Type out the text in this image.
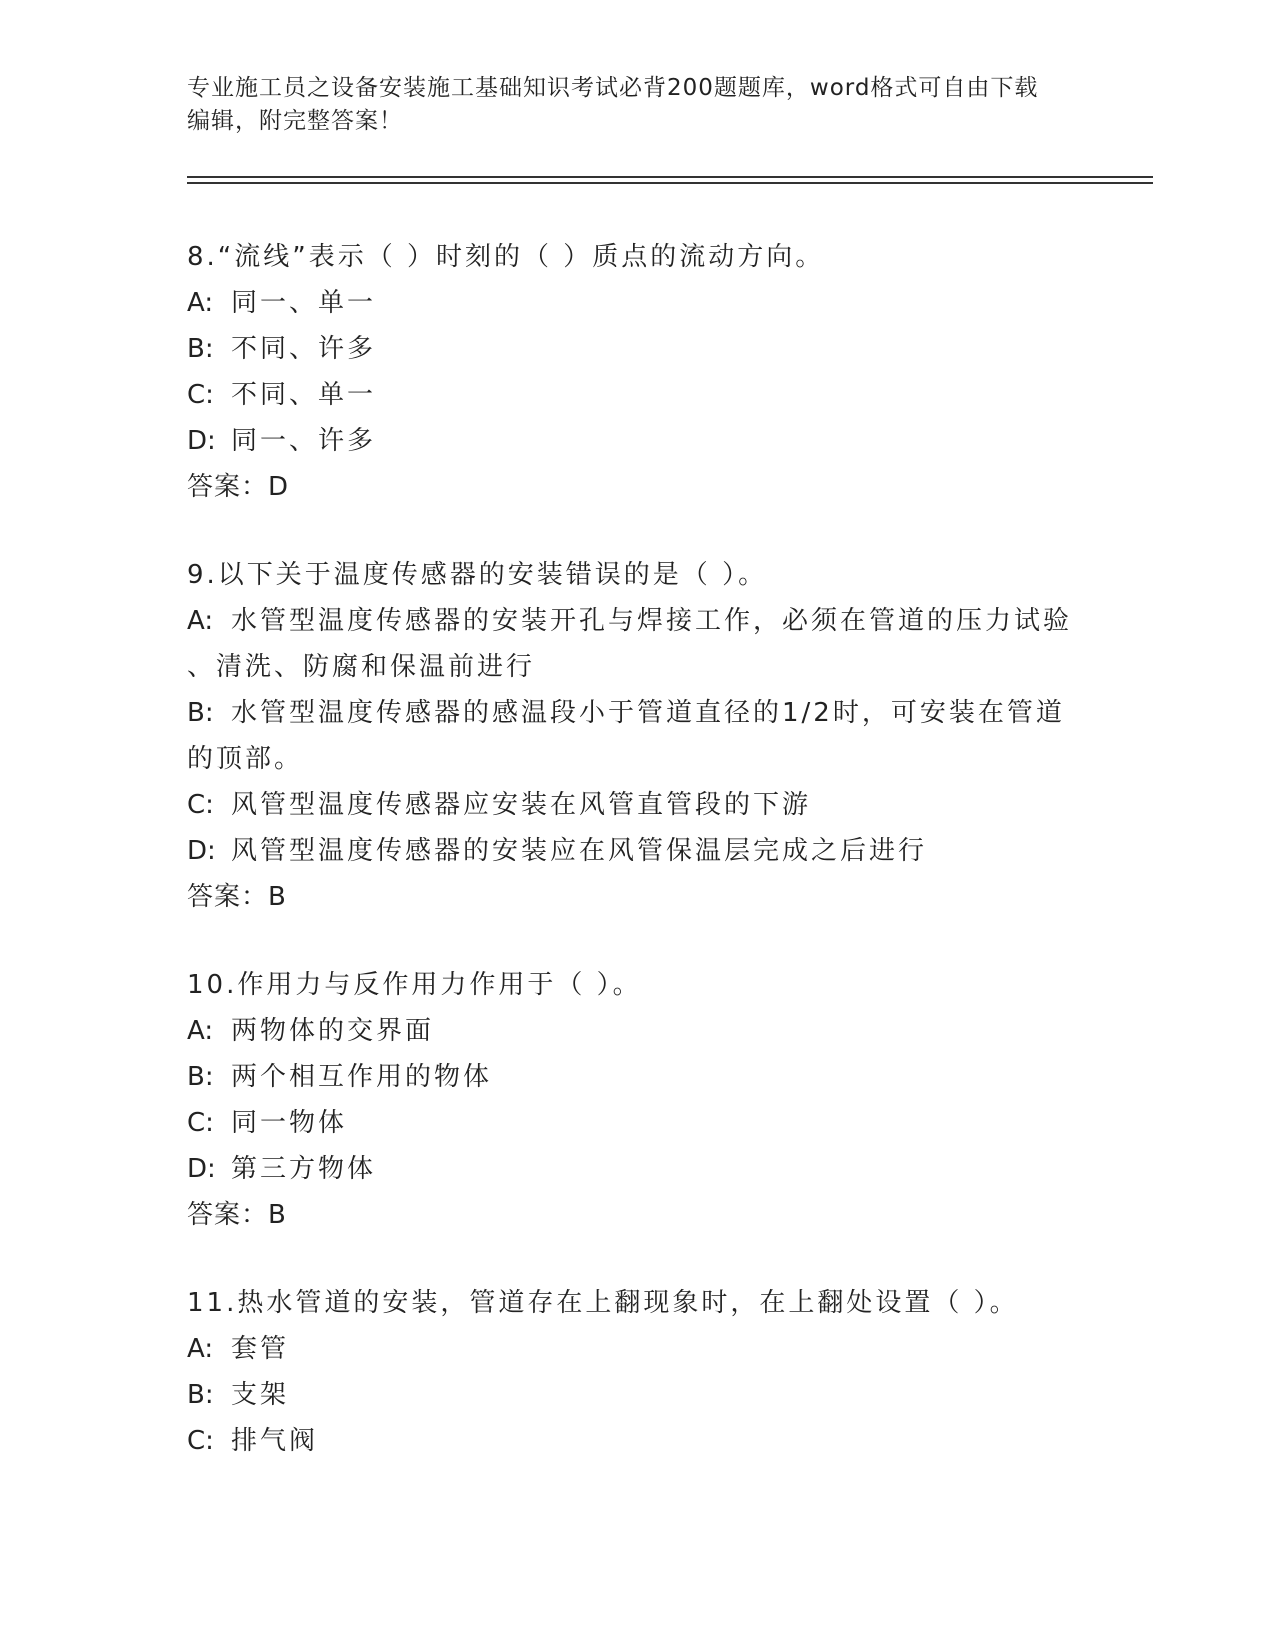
专业施工员之设备安装施工基础知识考试必背200题题库，word格式可自由下载
编辑，附完整答案！
8.“流线”表示（ ）时刻的（ ）质点的流动方向。
A: 同一、单一
B: 不同、许多
C: 不同、单一
D: 同一、许多
答案：D
9.以下关于温度传感器的安装错误的是（ ）。
A: 水管型温度传感器的安装开孔与焊接工作，必须在管道的压力试验
、清洗、防腐和保温前进行
B: 水管型温度传感器的感温段小于管道直径的1/2时，可安装在管道
的顶部。
C: 风管型温度传感器应安装在风管直管段的下游
D: 风管型温度传感器的安装应在风管保温层完成之后进行
答案：B
10.作用力与反作用力作用于（ ）。
A: 两物体的交界面
B: 两个相互作用的物体
C: 同一物体
D: 第三方物体
答案：B
11.热水管道的安装，管道存在上翻现象时，在上翻处设置（ ）。
A: 套管
B: 支架
C: 排气阀
